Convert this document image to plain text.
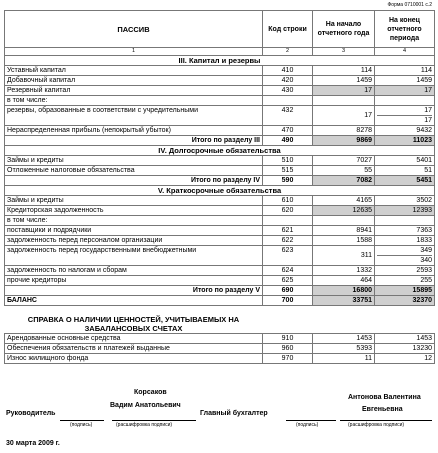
Форма 0710001 с.2
ПАССИВ	Код строки	На начало отчетного года	На конец отчетного периода
1	2	3	4
III. Капитал и резервы			
Уставный капитал	410	114	114
Добавочный капитал	420	1459	1459
Резервный капитал	430	17	17
в том числе:			
резервы, образованные в соответствии с учредительными	432	17	17
17

Нераспределенная прибыль (непокрытый убыток)	470	8278	9432
Итого по разделу III	490	9869	11023
IV. Долгосрочные обязательства			
Займы и кредиты	510	7027	5401
Отложенные налоговые обязательства	515	55	51
Итого по разделу IV	590	7082	5451
V. Краткосрочные обязательства			
Займы и кредиты	610	4165	3502
Кредиторская задолженность	620	12635	12393
в том числе:			
поставщики и подрядчики	621	8941	7363
задолженность перед персоналом организации	622	1588	1833
задолженность перед государственными внебюджетными	623	311	349
340

задолженность по налогам и сборам	624	1332	2593
прочие кредиторы	625	464	255
Итого по разделу V	690	16800	15895
БАЛАНС	700	33751	32370

СПРАВКА О НАЛИЧИИ ЦЕННОСТЕЙ, УЧИТЫВАЕМЫХ НА ЗАБАЛАНСОВЫХ СЧЕТАХ			
Арендованные основные средства	910	1453	1453
Обеспечения обязательств и платежей выданные	960	5393	13230
Износ жилищного фонда	970	11	12
Руководитель
Корсаков
Вадим Анатольевич
Главный бухгалтер
Антонова Валентина
Евгеньевна
(подпись)	(расшифровка подписи)	(подпись)	(расшифровка подписи)
30 марта 2009 г.
